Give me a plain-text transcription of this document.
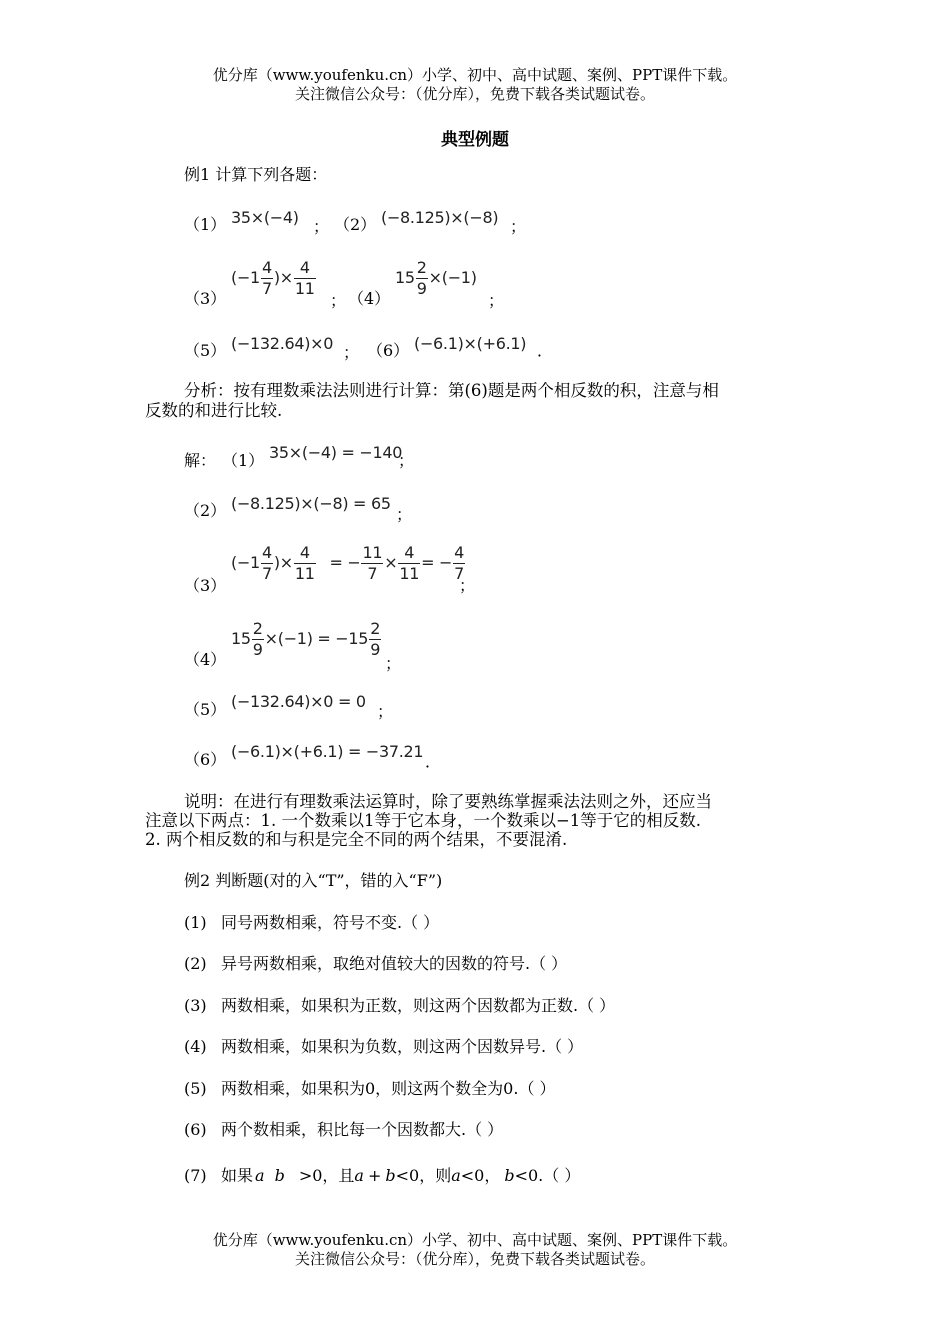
优分库（www.youfenku.cn）小学、初中、高中试题、案例、PPT课件下载。
关注微信公众号：（优分库），免费下载各类试题试卷。
典型例题
例1 计算下列各题：
（1） 35×(−4) ； （2） (−8.125)×(−8) ；
（3）
($-1 \frac{4}{7}$ )× $\frac{4}{11}$
； （4）
$15 \frac{2}{9} \times(-1)$
；
（5） (−132.64)×0 ； （6） (−6.1)×(+6.1) ．
分析：按有理数乘法法则进行计算：第(6)题是两个相反数的积，注意与相
反数的和进行比较.
解： （1） 35×(−4) = −140
；
（2） (−8.125)×(−8) = 65
；
（3）
($-1 \frac{4}{7}$ )× $\frac{4}{11}$ = − $\frac{11}{7} \times \frac{4}{11}$ = − $\frac{4}{7}$
；
（4）
$15 \frac{2}{9} \times(-1) = -15 \frac{2}{9}$
；
（5） (−132.64)×0 = 0
；
（6） (−6.1)×(+6.1) = −37.21
．
说明：在进行有理数乘法运算时，除了要熟练掌握乘法法则之外，还应当
注意以下两点：1. 一个数乘以1等于它本身，一个数乘以−1等于它的相反数.
2. 两个相反数的和与积是完全不同的两个结果，不要混淆.
例2 判断题(对的入“T”，错的入“F”)
(1) 同号两数相乘，符号不变.（ ）
(2) 异号两数相乘，取绝对值较大的因数的符号.（ ）
(3) 两数相乘，如果积为正数，则这两个因数都为正数.（ ）
(4) 两数相乘，如果积为负数，则这两个因数异号.（ ）
(5) 两数相乘，如果积为0，则这两个数全为0.（ ）
(6) 两个数相乘，积比每一个因数都大.（ ）
(7) 如果 a b >0，且a + b<0，则a<0， b<0.（ ）
优分库（www.youfenku.cn）小学、初中、高中试题、案例、PPT课件下载。
关注微信公众号：（优分库），免费下载各类试题试卷。
